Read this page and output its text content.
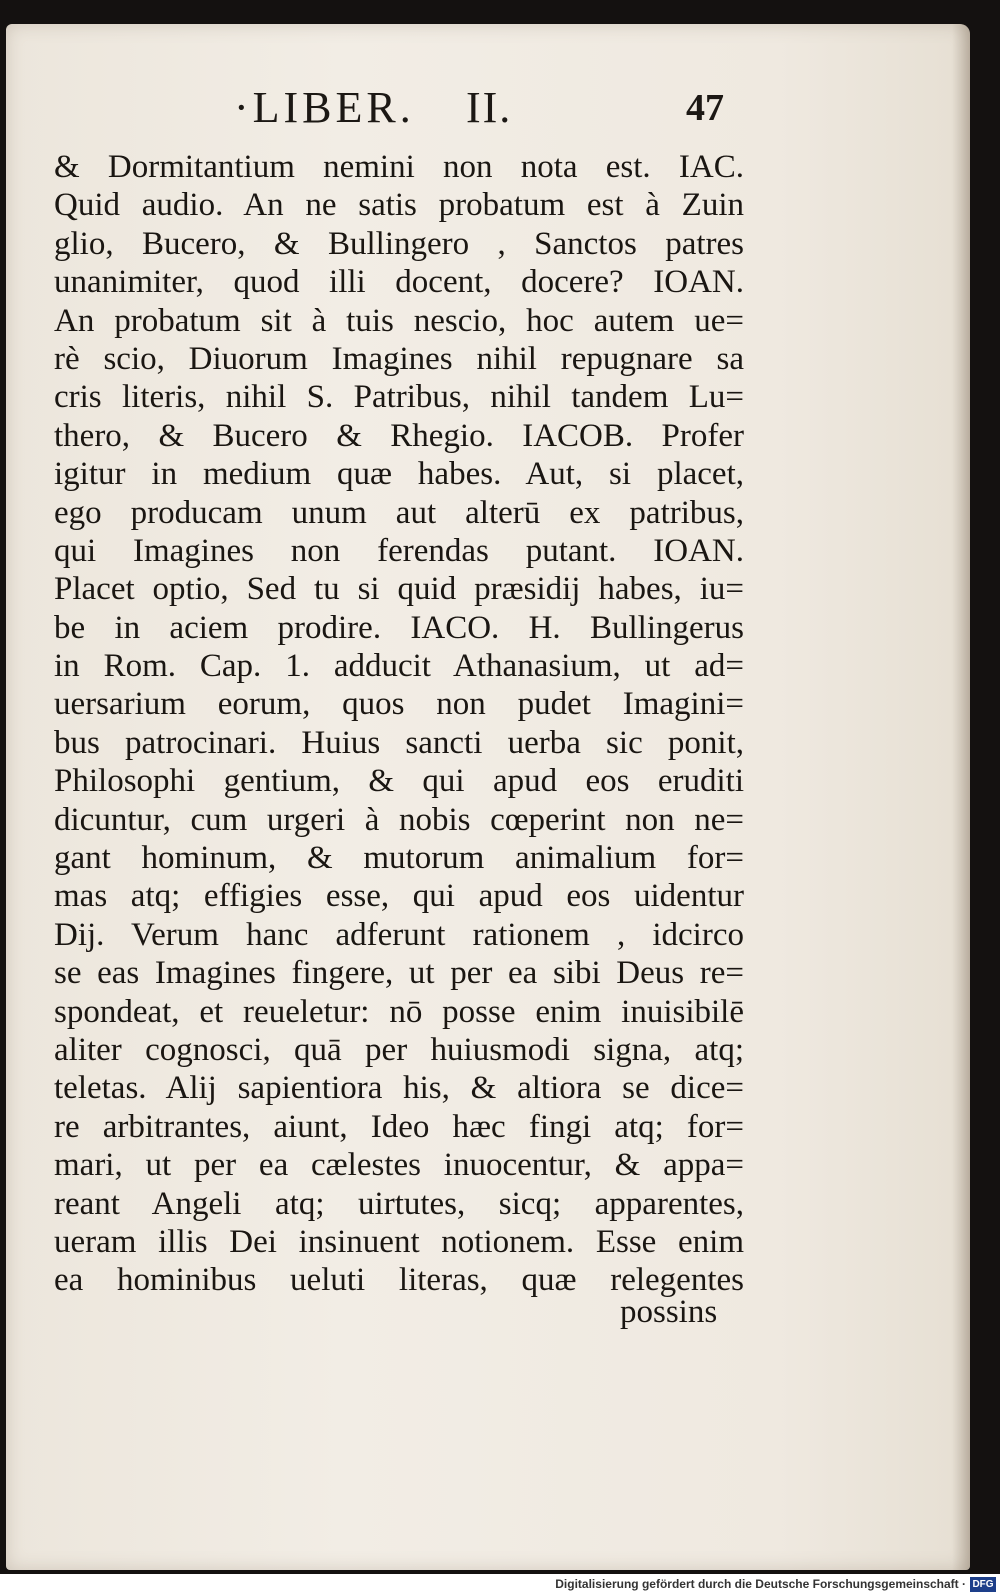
·LIBER. II.	47
& Dormitantium nemini non nota est. IAC.
Quid audio. An ne satis probatum est à Zuin
glio, Bucero, & Bullingero , Sanctos patres
unanimiter, quod illi docent, docere? IOAN.
An probatum sit à tuis nescio, hoc autem ue=
rè scio, Diuorum Imagines nihil repugnare sa
cris literis, nihil S. Patribus, nihil tandem Lu=
thero, & Bucero & Rhegio. IACOB. Profer
igitur in medium quæ habes. Aut, si placet,
ego producam unum aut alterū ex patribus,
qui Imagines non ferendas putant. IOAN.
Placet optio, Sed tu si quid præsidij habes, iu=
be in aciem prodire. IACO. H. Bullingerus
in Rom. Cap. 1. adducit Athanasium, ut ad=
uersarium eorum, quos non pudet Imagini=
bus patrocinari. Huius sancti uerba sic ponit,
Philosophi gentium, & qui apud eos eruditi
dicuntur, cum urgeri à nobis cœperint non ne=
gant hominum, & mutorum animalium for=
mas atq; effigies esse, qui apud eos uidentur
Dij. Verum hanc adferunt rationem , idcirco
se eas Imagines fingere, ut per ea sibi Deus re=
spondeat, et reueletur: nō posse enim inuisibilē
aliter cognosci, quā per huiusmodi signa, atq;
teletas. Alij sapientiora his, & altiora se dice=
re arbitrantes, aiunt, Ideo hæc fingi atq; for=
mari, ut per ea cælestes inuocentur, & appa=
reant Angeli atq; uirtutes, sicq; apparentes,
ueram illis Dei insinuent notionem. Esse enim
ea hominibus ueluti literas, quæ relegentes
possins
Digitalisierung gefördert durch die Deutsche Forschungsgemeinschaft · DFG
